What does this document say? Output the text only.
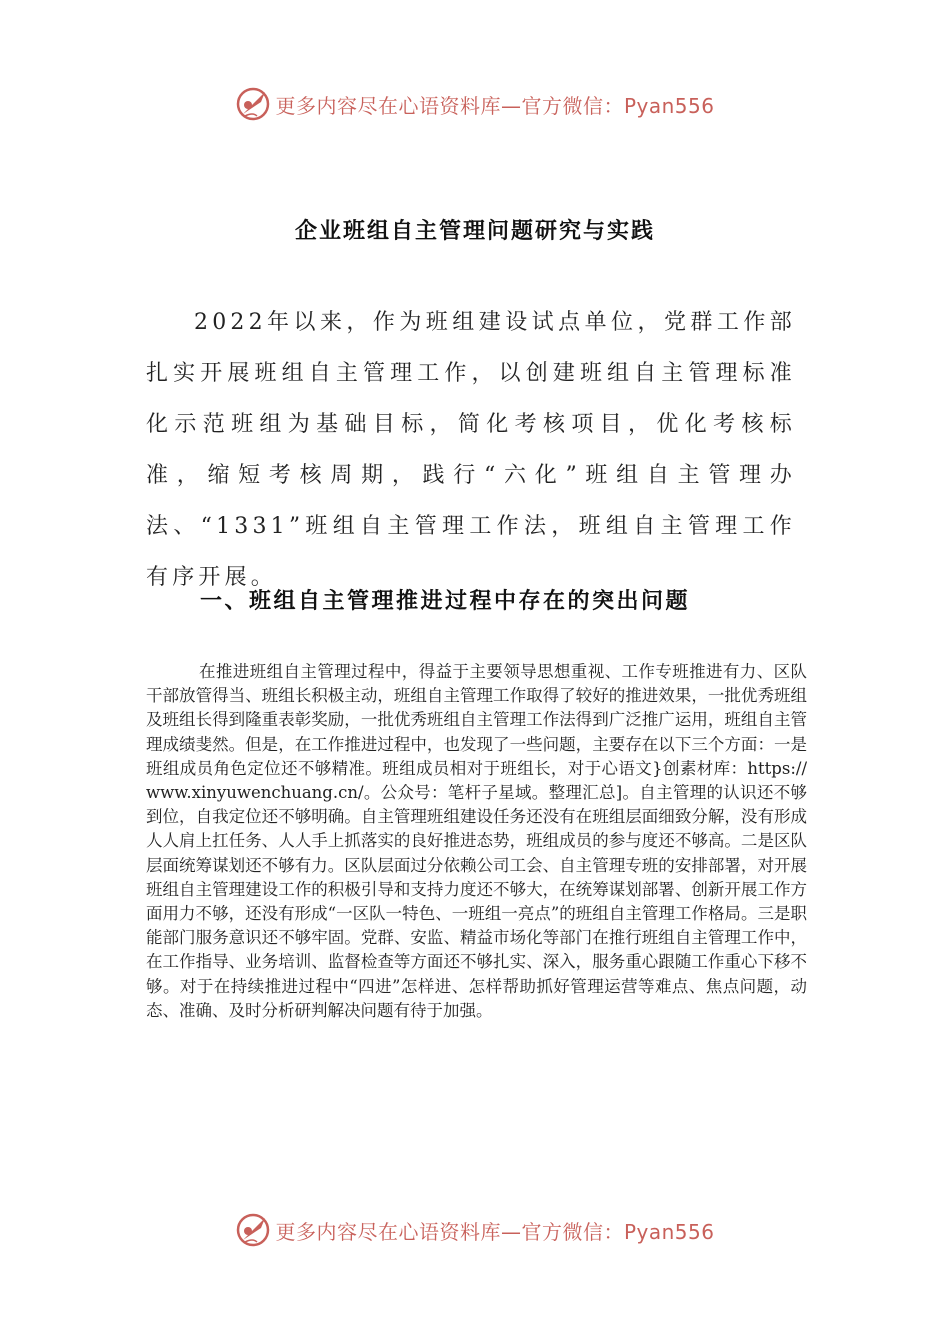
更多内容尽在心语资料库—官方微信：Pyan556
企业班组自主管理问题研究与实践

2022年以来，作为班组建设试点单位，党群工作部扎实开展班组自主管理工作，以创建班组自主管理标准化示范班组为基础目标，简化考核项目，优化考核标准，缩短考核周期，践行“六化”班组自主管理办法、“1331”班组自主管理工作法，班组自主管理工作有序开展。

一、班组自主管理推进过程中存在的突出问题

在推进班组自主管理过程中，得益于主要领导思想重视、工作专班推进有力、区队干部放管得当、班组长积极主动，班组自主管理工作取得了较好的推进效果，一批优秀班组及班组长得到隆重表彰奖励，一批优秀班组自主管理工作法得到广泛推广运用，班组自主管理成绩斐然。但是，在工作推进过程中，也发现了一些问题，主要存在以下三个方面：一是班组成员角色定位还不够精准。班组成员相对于班组长，对于心语文}创素材库：https://www.xinyuwenchuang.cn/。公众号：笔杆子星域。整理汇总]。自主管理的认识还不够到位，自我定位还不够明确。自主管理班组建设任务还没有在班组层面细致分解，没有形成人人肩上扛任务、人人手上抓落实的良好推进态势，班组成员的参与度还不够高。二是区队层面统筹谋划还不够有力。区队层面过分依赖公司工会、自主管理专班的安排部署，对开展班组自主管理建设工作的积极引导和支持力度还不够大，在统筹谋划部署、创新开展工作方面用力不够，还没有形成“一区队一特色、一班组一亮点”的班组自主管理工作格局。三是职能部门服务意识还不够牢固。党群、安监、精益市场化等部门在推行班组自主管理工作中，在工作指导、业务培训、监督检查等方面还不够扎实、深入，服务重心跟随工作重心下移不够。对于在持续推进过程中“四进”怎样进、怎样帮助抓好管理运营等难点、焦点问题，动态、准确、及时分析研判解决问题有待于加强。

更多内容尽在心语资料库—官方微信：Pyan556
